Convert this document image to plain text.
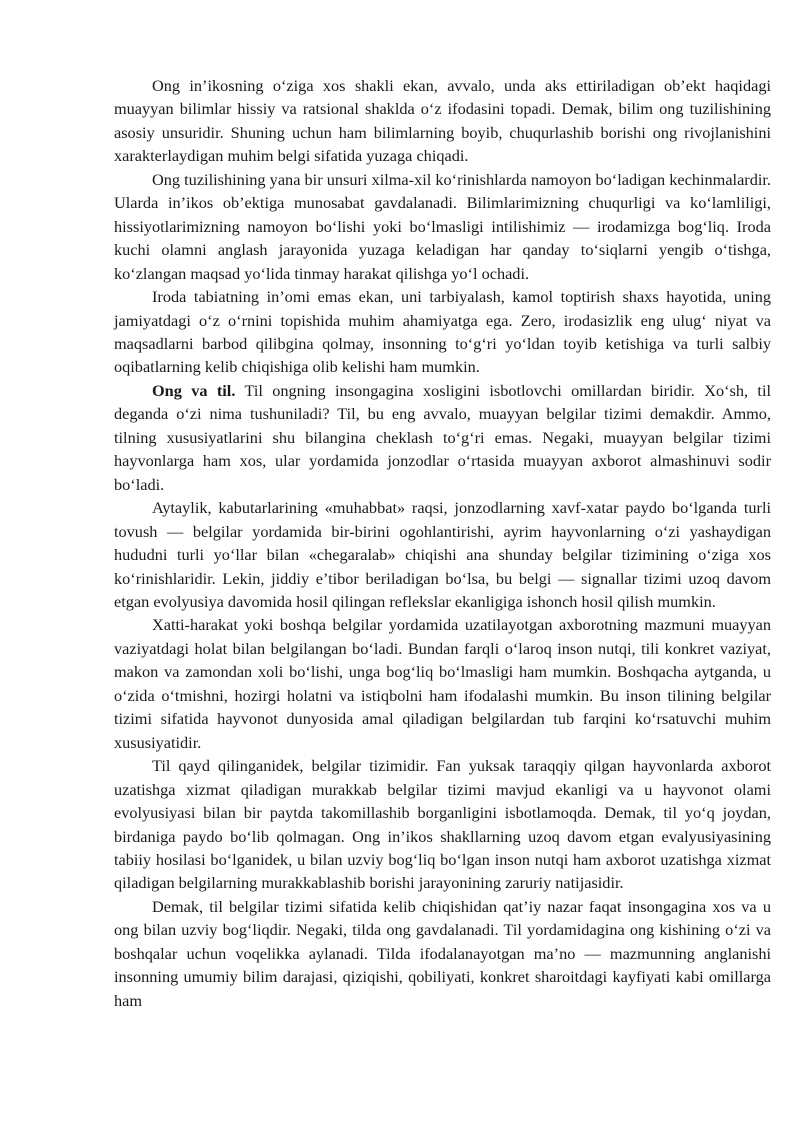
Ong in’ikosning o‘ziga xos shakli ekan, avvalo, unda aks ettiriladigan ob’ekt haqidagi muayyan bilimlar hissiy va ratsional shaklda o‘z ifodasini topadi. Demak, bilim ong tuzilishining asosiy unsuridir. Shuning uchun ham bilimlarning boyib, chuqurlashib borishi ong rivojlanishini xarakterlaydigan muhim belgi sifatida yuzaga chiqadi.

Ong tuzilishining yana bir unsuri xilma-xil ko‘rinishlarda namoyon bo‘ladigan kechinmalardir. Ularda in’ikos ob’ektiga munosabat gavdalanadi. Bilimlarimizning chuqurligi va ko‘lamliligi, hissiyotlarimizning namoyon bo‘lishi yoki bo‘lmasligi intilishimiz — irodamizga bog‘liq. Iroda kuchi olamni anglash jarayonida yuzaga keladigan har qanday to‘siqlarni yengib o‘tishga, ko‘zlangan maqsad yo‘lida tinmay harakat qilishga yo‘l ochadi.

Iroda tabiatning in’omi emas ekan, uni tarbiyalash, kamol toptirish shaxs hayotida, uning jamiyatdagi o‘z o‘rnini topishida muhim ahamiyatga ega. Zero, irodasizlik eng ulug‘ niyat va maqsadlarni barbod qilibgina qolmay, insonning to‘g‘ri yo‘ldan toyib ketishiga va turli salbiy oqibatlarning kelib chiqishiga olib kelishi ham mumkin.

Ong va til. Til ongning insongagina xosligini isbotlovchi omillardan biridir. Xo‘sh, til deganda o‘zi nima tushuniladi? Til, bu eng avvalo, muayyan belgilar tizimi demakdir. Ammo, tilning xususiyatlarini shu bilangina cheklash to‘g‘ri emas. Negaki, muayyan belgilar tizimi hayvonlarga ham xos, ular yordamida jonzodlar o‘rtasida muayyan axborot almashinuvi sodir bo‘ladi.

Aytaylik, kabutarlarining «muhabbat» raqsi, jonzodlarning xavf-xatar paydo bo‘lganda turli tovush — belgilar yordamida bir-birini ogohlantirishi, ayrim hayvonlarning o‘zi yashaydigan hududni turli yo‘llar bilan «chegaralab» chiqishi ana shunday belgilar tizimining o‘ziga xos ko‘rinishlaridir. Lekin, jiddiy e’tibor beriladigan bo‘lsa, bu belgi — signallar tizimi uzoq davom etgan evolyusiya davomida hosil qilingan reflekslar ekanligiga ishonch hosil qilish mumkin.

Xatti-harakat yoki boshqa belgilar yordamida uzatilayotgan axborotning mazmuni muayyan vaziyatdagi holat bilan belgilangan bo‘ladi. Bundan farqli o‘laroq inson nutqi, tili konkret vaziyat, makon va zamondan xoli bo‘lishi, unga bog‘liq bo‘lmasligi ham mumkin. Boshqacha aytganda, u o‘zida o‘tmishni, hozirgi holatni va istiqbolni ham ifodalashi mumkin. Bu inson tilining belgilar tizimi sifatida hayvonot dunyosida amal qiladigan belgilardan tub farqini ko‘rsatuvchi muhim xususiyatidir.

Til qayd qilinganidek, belgilar tizimidir. Fan yuksak taraqqiy qilgan hayvonlarda axborot uzatishga xizmat qiladigan murakkab belgilar tizimi mavjud ekanligi va u hayvonot olami evolyusiyasi bilan bir paytda takomillashib borganligini isbotlamoqda. Demak, til yo‘q joydan, birdaniga paydo bo‘lib qolmagan. Ong in’ikos shakllarning uzoq davom etgan evalyusiyasining tabiiy hosilasi bo‘lganidek, u bilan uzviy bog‘liq bo‘lgan inson nutqi ham axborot uzatishga xizmat qiladigan belgilarning murakkablashib borishi jarayonining zaruriy natijasidir.

Demak, til belgilar tizimi sifatida kelib chiqishidan qat’iy nazar faqat insongagina xos va u ong bilan uzviy bog‘liqdir. Negaki, tilda ong gavdalanadi. Til yordamidagina ong kishining o‘zi va boshqalar uchun voqelikka aylanadi. Tilda ifodalanayotgan ma’no — mazmunning anglanishi insonning umumiy bilim darajasi, qiziqishi, qobiliyati, konkret sharoitdagi kayfiyati kabi omillarga ham
